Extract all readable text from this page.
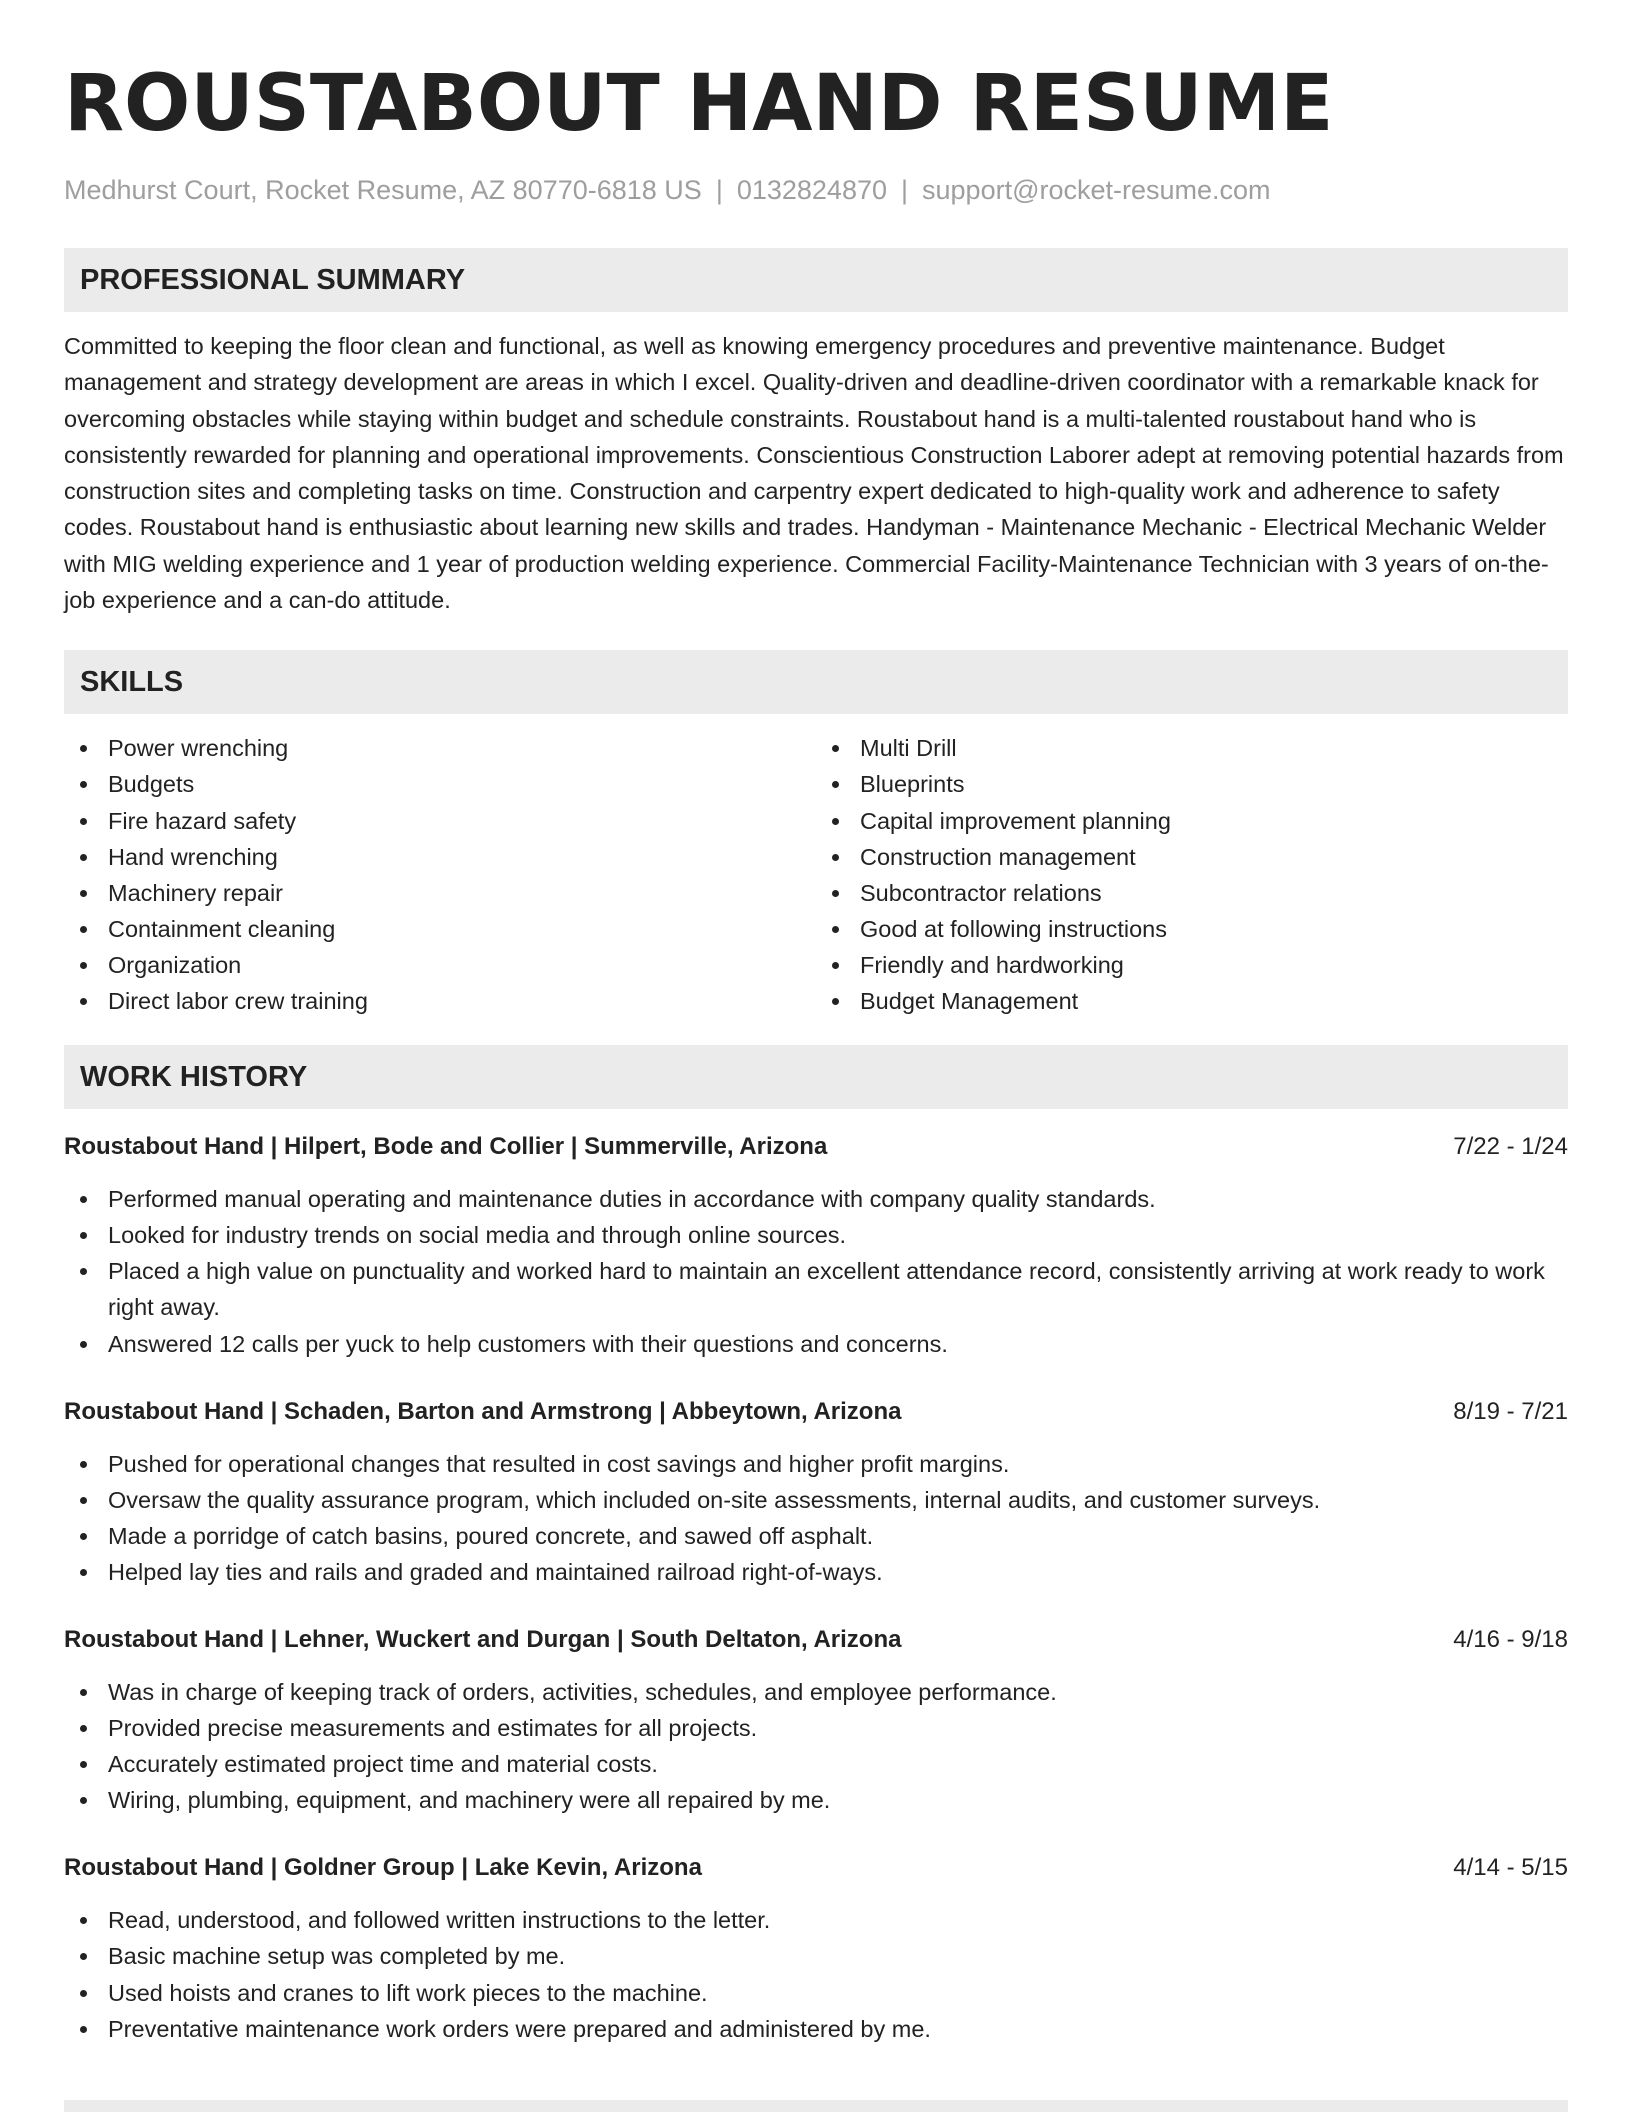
ROUSTABOUT HAND RESUME
Medhurst Court, Rocket Resume, AZ 80770-6818 US | 0132824870 | support@rocket-resume.com
PROFESSIONAL SUMMARY

Committed to keeping the floor clean and functional, as well as knowing emergency procedures and preventive maintenance. Budget management and strategy development are areas in which I excel. Quality-driven and deadline-driven coordinator with a remarkable knack for overcoming obstacles while staying within budget and schedule constraints. Roustabout hand is a multi-talented roustabout hand who is consistently rewarded for planning and operational improvements. Conscientious Construction Laborer adept at removing potential hazards from construction sites and completing tasks on time. Construction and carpentry expert dedicated to high-quality work and adherence to safety codes. Roustabout hand is enthusiastic about learning new skills and trades. Handyman - Maintenance Mechanic - Electrical Mechanic Welder with MIG welding experience and 1 year of production welding experience. Commercial Facility-Maintenance Technician with 3 years of on-the-job experience and a can-do attitude.

SKILLS
Power wrenching
Budgets
Fire hazard safety
Hand wrenching
Machinery repair
Containment cleaning
Organization
Direct labor crew training
Multi Drill
Blueprints
Capital improvement planning
Construction management
Subcontractor relations
Good at following instructions
Friendly and hardworking
Budget Management
WORK HISTORY
Roustabout Hand | Hilpert, Bode and Collier | Summerville, Arizona	7/22 - 1/24
Performed manual operating and maintenance duties in accordance with company quality standards.
Looked for industry trends on social media and through online sources.
Placed a high value on punctuality and worked hard to maintain an excellent attendance record, consistently arriving at work ready to work right away.
Answered 12 calls per yuck to help customers with their questions and concerns.
Roustabout Hand | Schaden, Barton and Armstrong | Abbeytown, Arizona	8/19 - 7/21
Pushed for operational changes that resulted in cost savings and higher profit margins.
Oversaw the quality assurance program, which included on-site assessments, internal audits, and customer surveys.
Made a porridge of catch basins, poured concrete, and sawed off asphalt.
Helped lay ties and rails and graded and maintained railroad right-of-ways.
Roustabout Hand | Lehner, Wuckert and Durgan | South Deltaton, Arizona	4/16 - 9/18
Was in charge of keeping track of orders, activities, schedules, and employee performance.
Provided precise measurements and estimates for all projects.
Accurately estimated project time and material costs.
Wiring, plumbing, equipment, and machinery were all repaired by me.
Roustabout Hand | Goldner Group | Lake Kevin, Arizona	4/14 - 5/15
Read, understood, and followed written instructions to the letter.
Basic machine setup was completed by me.
Used hoists and cranes to lift work pieces to the machine.
Preventative maintenance work orders were prepared and administered by me.
